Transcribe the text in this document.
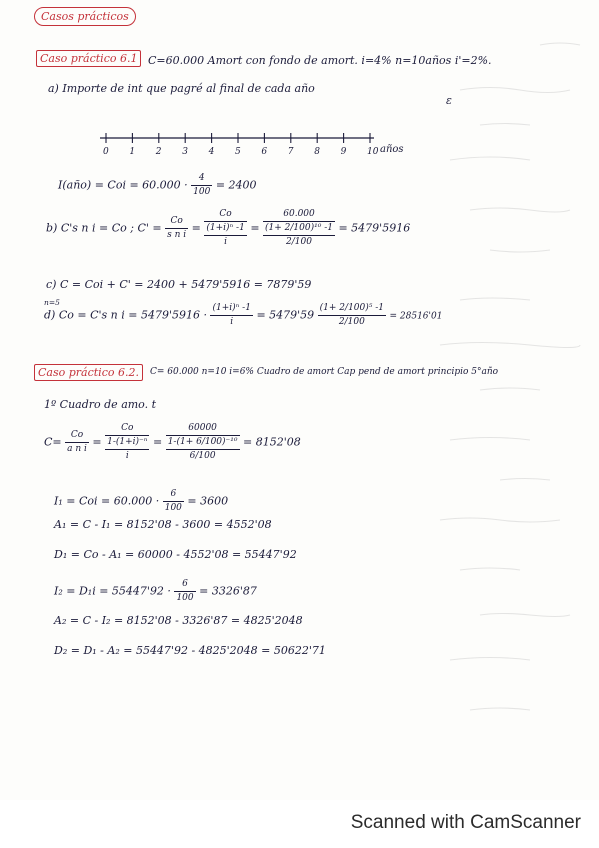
Casos prácticos
Caso práctico 6.1 C=60.000 Amort con fondo de amort. i=4% n=10años i'=2%.
a) Importe de int que pagré al final de cada año
ɛ
0 1 2 3 4 5 6 7 8 9 10 años
I(año) = Coi = $60.000 \cdot \frac{4}{100} = 2400$
b) C's n i = Co ; $C' = \frac{Co}{\text{s n i}}$ =
Co
(1+i)ⁿ -1
i
=
60.000
(1+ 2/100)¹⁰ -1
2/100
= 5479'5916
c) C = Coi + C' = 2400 + 5479'5916 = 7879'59
n=5
d) Co = C's n $i = 5479'5916 \cdot \frac{\text{(1+i)ⁿ -1}}{i} = 5479'59 \frac{\text{(1+ 2/100)⁵ -1}}{2/100} = 28516'01$
Caso práctico 6.2.	C= 60.000 n=10 i=6% Cuadro de amort Cap pend de amort principio 5°año
1º Cuadro de amo. t
$C= \frac{Co}{\text{a n i}}$ =
Co
1-(1+i)⁻ⁿ
i
=
60000
1-(1+ 6/100)⁻¹⁰
6/100
= 8152'08
I₁ = Coi = $60.000 \cdot \frac{6}{100} = 3600$
A₁ = C - I₁ = 8152'08 - 3600 = 4552'08
D₁ = Co - A₁ = 60000 - 4552'08 = 55447'92
$I_2 = D_1i = 55447'92 \cdot \frac{6}{100} = 3326'87$
A₂ = C - I₂ = 8152'08 - 3326'87 = 4825'2048
D₂ = D₁ - A₂ = 55447'92 - 4825'2048 = 50622'71
Scanned with CamScanner
